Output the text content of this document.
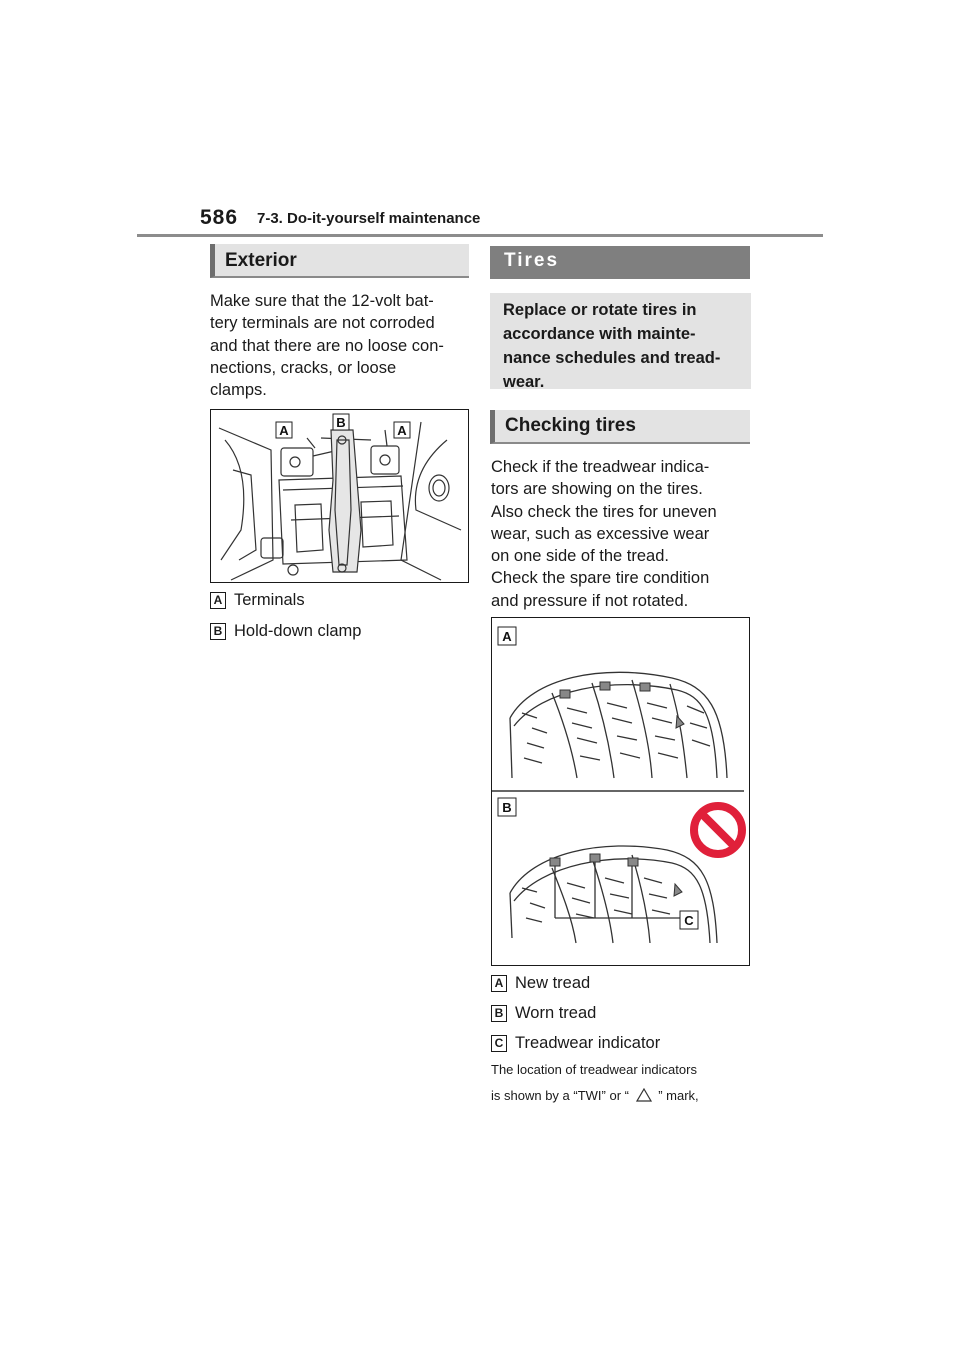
586 7-3. Do-it-yourself maintenance
Exterior
Make sure that the 12-volt bat-
tery terminals are not corroded
and that there are no loose con-
nections, cracks, or loose
clamps.
A
B
A
A Terminals
B Hold-down clamp
Tires
Replace or rotate tires in
accordance with mainte-
nance schedules and tread-
wear.
Checking tires
Check if the treadwear indica-
tors are showing on the tires.
Also check the tires for uneven
wear, such as excessive wear
on one side of the tread.
Check the spare tire condition
and pressure if not rotated.
A
B
C
A New tread
B Worn tread
C Treadwear indicator
The location of treadwear indicators
is shown by a “TWI” or “ ” mark,
